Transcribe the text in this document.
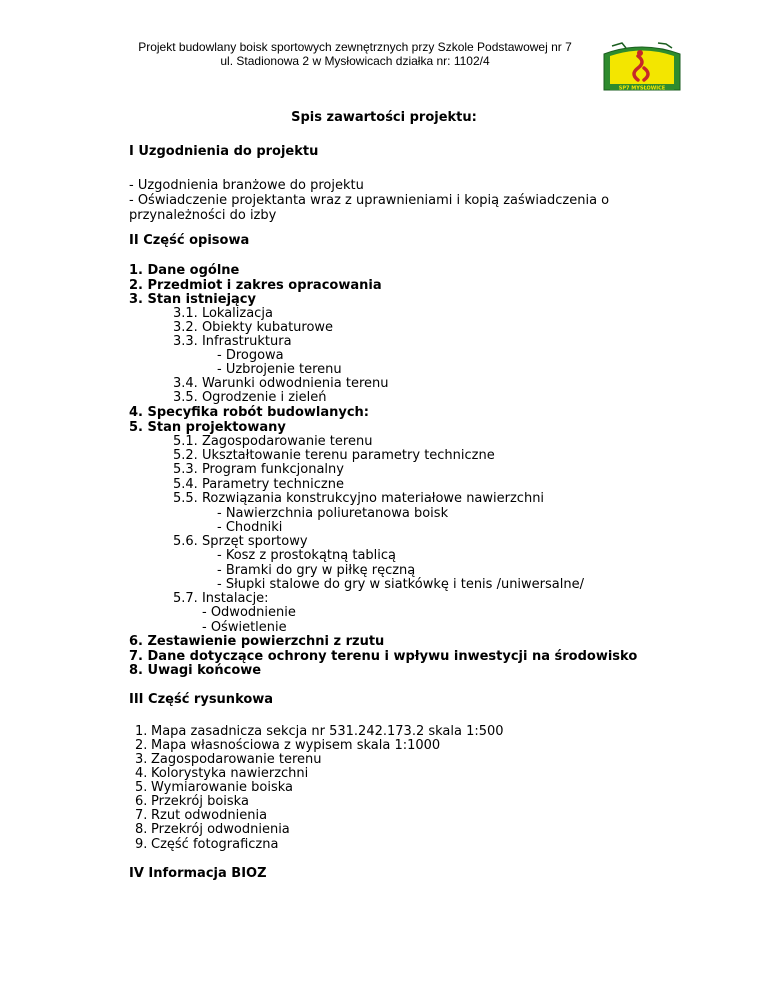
Projekt budowlany boisk sportowych zewnętrznych przy Szkole Podstawowej nr 7
ul. Stadionowa 2 w Mysłowicach działka nr: 1102/4
SP7 MYSŁOWICE
Spis zawartości projektu:
I Uzgodnienia do projektu
- Uzgodnienia branżowe do projektu
- Oświadczenie projektanta wraz z uprawnieniami i kopią zaświadczenia o
przynależności do izby
II Część opisowa
1. Dane ogólne
2. Przedmiot i zakres opracowania
3. Stan istniejący
3.1. Lokalizacja
3.2. Obiekty kubaturowe
3.3. Infrastruktura
- Drogowa
- Uzbrojenie terenu
3.4. Warunki odwodnienia terenu
3.5. Ogrodzenie i zieleń
4. Specyfika robót budowlanych:
5. Stan projektowany
5.1. Zagospodarowanie terenu
5.2. Ukształtowanie terenu parametry techniczne
5.3. Program funkcjonalny
5.4. Parametry techniczne
5.5. Rozwiązania konstrukcyjno materiałowe nawierzchni
- Nawierzchnia poliuretanowa boisk
- Chodniki
5.6. Sprzęt sportowy
- Kosz z prostokątną tablicą
- Bramki do gry w piłkę ręczną
- Słupki stalowe do gry w siatkówkę i tenis /uniwersalne/
5.7. Instalacje:
- Odwodnienie
- Oświetlenie
6. Zestawienie powierzchni z rzutu
7. Dane dotyczące ochrony terenu i wpływu inwestycji na środowisko
8. Uwagi końcowe
III Część rysunkowa
1. Mapa zasadnicza sekcja nr 531.242.173.2 skala 1:500
2. Mapa własnościowa z wypisem skala 1:1000
3. Zagospodarowanie terenu
4. Kolorystyka nawierzchni
5. Wymiarowanie boiska
6. Przekrój boiska
7. Rzut odwodnienia
8. Przekrój odwodnienia
9. Część fotograficzna
IV Informacja BIOZ
